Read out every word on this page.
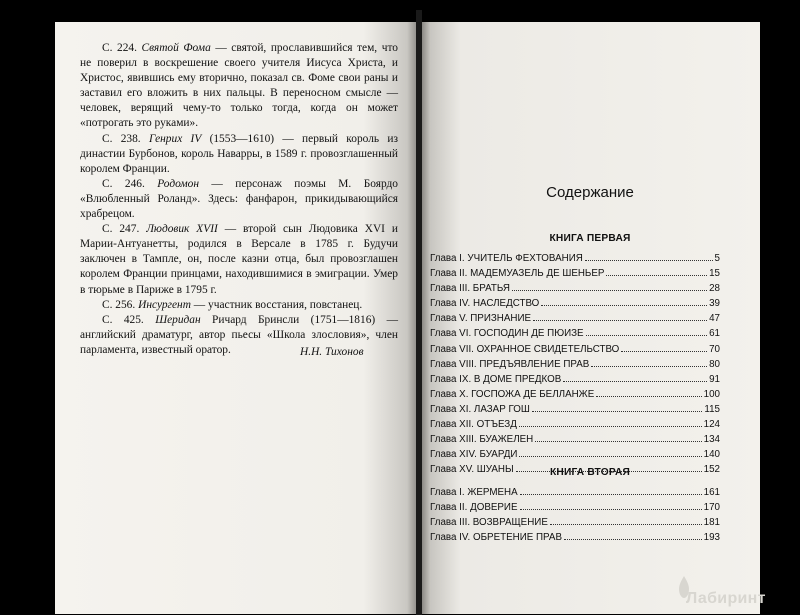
С. 224. Святой Фома — святой, прославившийся тем, что не поверил в воскрешение своего учителя Иисуса Христа, и Христос, явившись ему вторично, показал св. Фоме свои раны и заставил его вложить в них пальцы. В переносном смысле — человек, верящий чему-то только тогда, когда он может «потрогать это руками».

С. 238. Генрих IV (1553—1610) — первый король из династии Бурбонов, король Наварры, в 1589 г. провозглашенный королем Франции.

С. 246. Родомон — персонаж поэмы М. Боярдо «Влюбленный Роланд». Здесь: фанфарон, прикидывающийся храбрецом.

С. 247. Людовик XVII — второй сын Людовика XVI и Марии-Антуанетты, родился в Версале в 1785 г. Будучи заключен в Тампле, он, после казни отца, был провозглашен королем Франции принцами, находившимися в эмиграции. Умер в тюрьме в Париже в 1795 г.

С. 256. Инсургент — участник восстания, повстанец.

С. 425. Шеридан Ричард Бринсли (1751—1816) — английский драматург, автор пьесы «Школа злословия», член парламента, известный оратор.	Н.Н. Тихонов
Содержание
КНИГА ПЕРВАЯ
Глава I. УЧИТЕЛЬ ФЕХТОВАНИЯ	5
Глава II. МАДЕМУАЗЕЛЬ ДЕ ШЕНЬЕР	15
Глава III. БРАТЬЯ	28
Глава IV. НАСЛЕДСТВО	39
Глава V. ПРИЗНАНИЕ	47
Глава VI. ГОСПОДИН ДЕ ПЮИЗЕ	61
Глава VII. ОХРАННОЕ СВИДЕТЕЛЬСТВО	70
Глава VIII. ПРЕДЪЯВЛЕНИЕ ПРАВ	80
Глава IX. В ДОМЕ ПРЕДКОВ	91
Глава X. ГОСПОЖА ДЕ БЕЛЛАНЖЕ	100
Глава XI. ЛАЗАР ГОШ	115
Глава XII. ОТЪЕЗД	124
Глава XIII. БУАЖЕЛЕН	134
Глава XIV. БУАРДИ	140
Глава XV. ШУАНЫ	152
КНИГА ВТОРАЯ
Глава I. ЖЕРМЕНА	161
Глава II. ДОВЕРИЕ	170
Глава III. ВОЗВРАЩЕНИЕ	181
Глава IV. ОБРЕТЕНИЕ ПРАВ	193
Лабиринт
